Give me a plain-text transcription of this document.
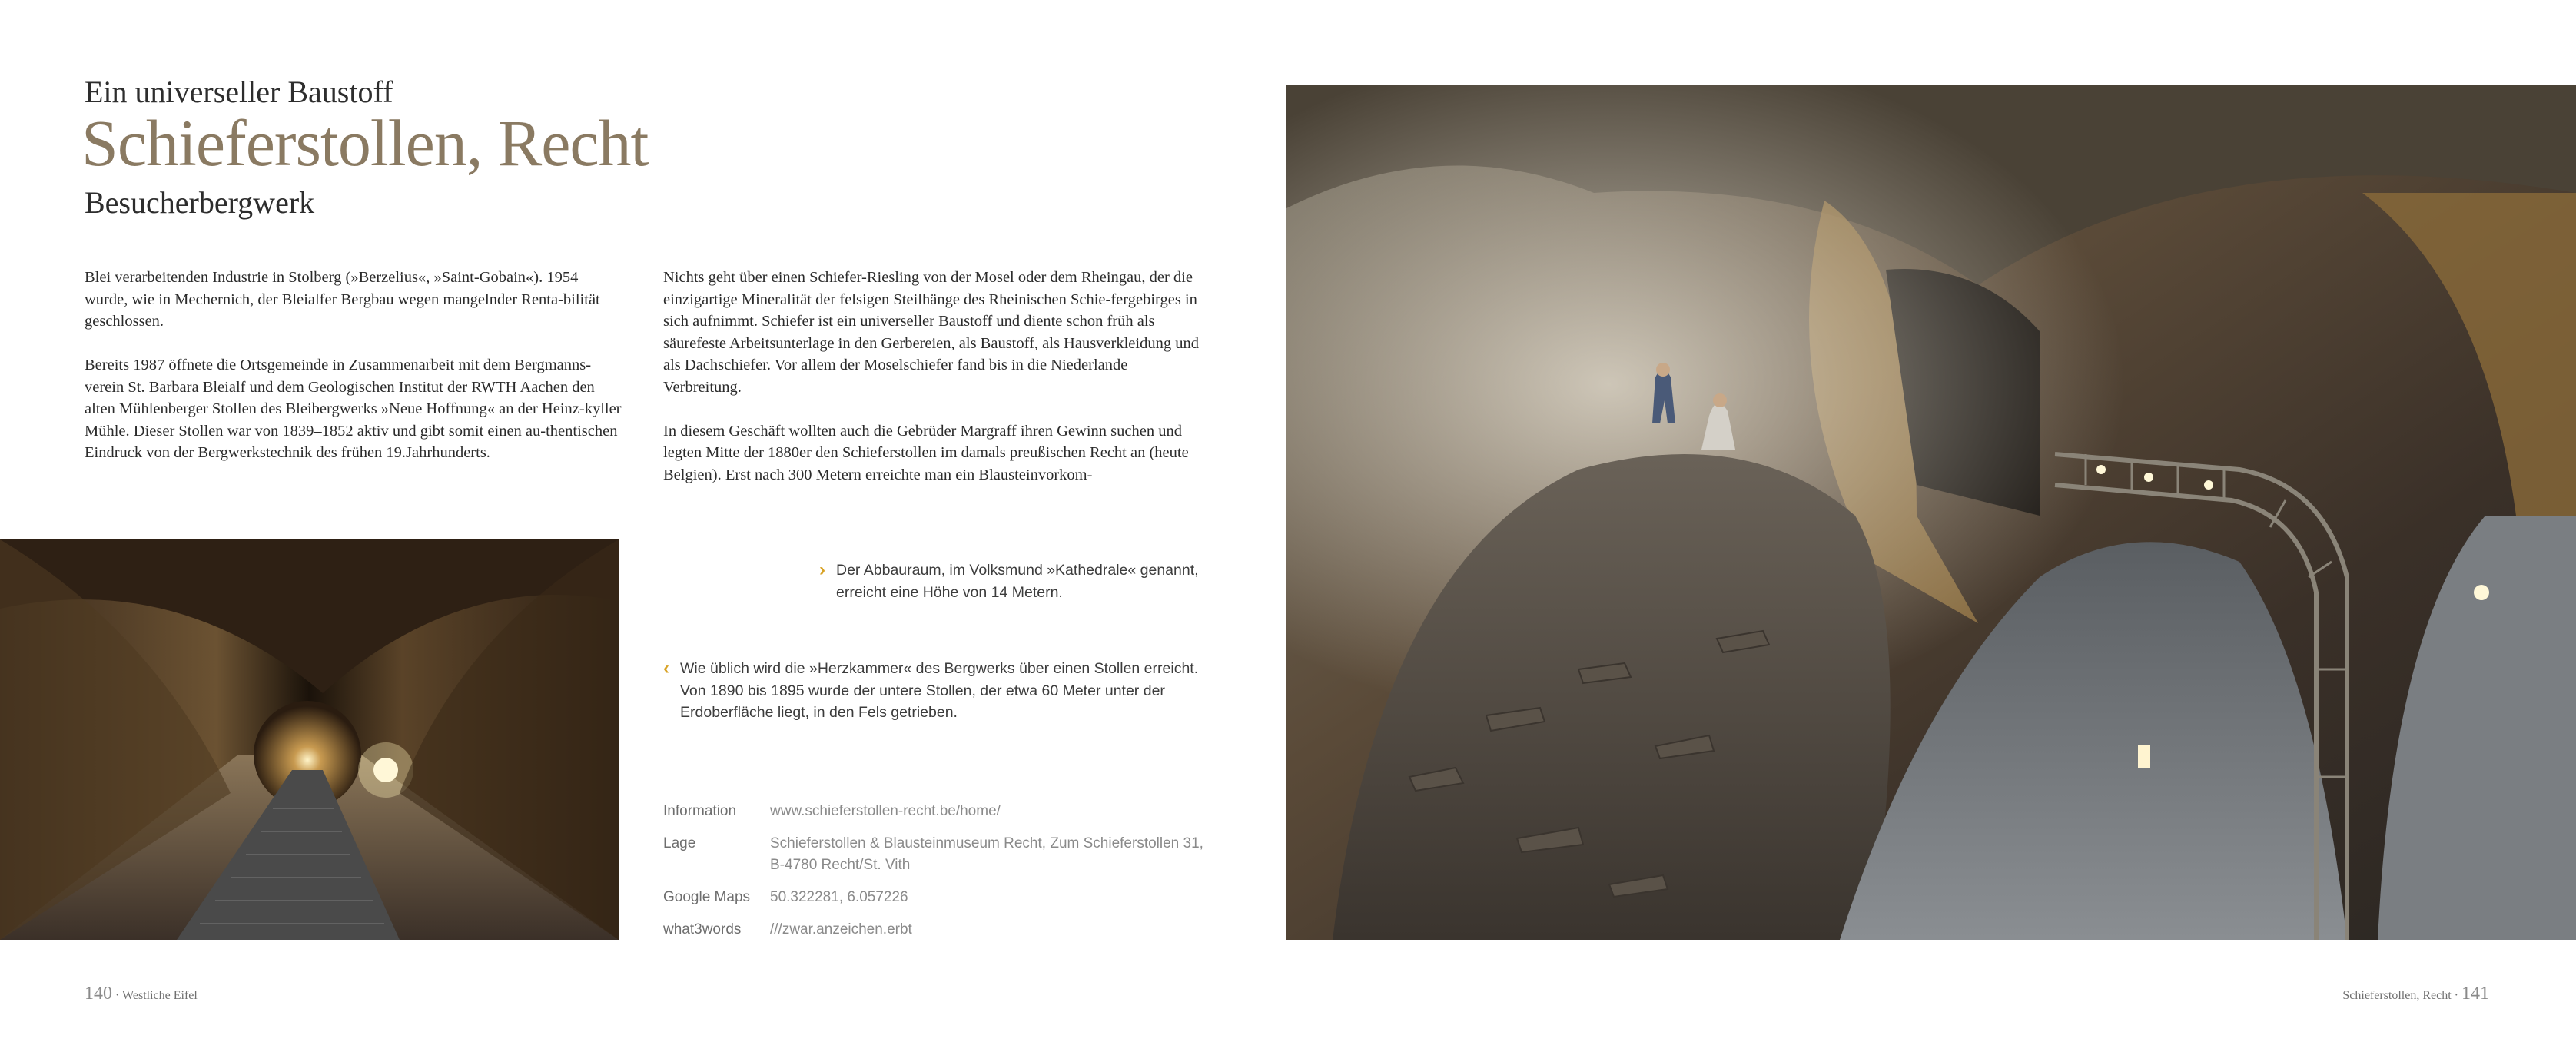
Ein universeller Baustoff
Schieferstollen, Recht
Besucherbergwerk

Blei verarbeitenden Industrie in Stolberg (»Berzelius«, »Saint-Gobain«). 1954 wurde, wie in Mechernich, der Bleialfer Bergbau wegen mangelnder Renta-bilität geschlossen.

Bereits 1987 öffnete die Ortsgemeinde in Zusammenarbeit mit dem Bergmanns-verein St. Barbara Bleialf und dem Geologischen Institut der RWTH Aachen den alten Mühlenberger Stollen des Bleibergwerks »Neue Hoffnung« an der Heinz-kyller Mühle. Dieser Stollen war von 1839–1852 aktiv und gibt somit einen au-thentischen Eindruck von der Bergwerkstechnik des frühen 19.Jahrhunderts.

Nichts geht über einen Schiefer-Riesling von der Mosel oder dem Rheingau, der die einzigartige Mineralität der felsigen Steilhänge des Rheinischen Schie-fergebirges in sich aufnimmt. Schiefer ist ein universeller Baustoff und diente schon früh als säurefeste Arbeitsunterlage in den Gerbereien, als Baustoff, als Hausverkleidung und als Dachschiefer. Vor allem der Moselschiefer fand bis in die Niederlande Verbreitung.

In diesem Geschäft wollten auch die Gebrüder Margraff ihren Gewinn suchen und legten Mitte der 1880er den Schieferstollen im damals preußischen Recht an (heute Belgien). Erst nach 300 Metern erreichte man ein Blausteinvorkom-

› Der Abbauraum, im Volksmund »Kathedrale« genannt, erreicht eine Höhe von 14 Metern.
‹ Wie üblich wird die »Herzkammer« des Bergwerks über einen Stollen erreicht. Von 1890 bis 1895 wurde der untere Stollen, der etwa 60 Meter unter der Erdoberfläche liegt, in den Fels getrieben.
Information	www.schieferstollen-recht.be/home/
Lage	Schieferstollen & Blausteinmuseum Recht, Zum Schieferstollen 31, B-4780 Recht/St. Vith
Google Maps	50.322281, 6.057226
what3words	///zwar.anzeichen.erbt
140 · Westliche Eifel	Schieferstollen, Recht · 141
